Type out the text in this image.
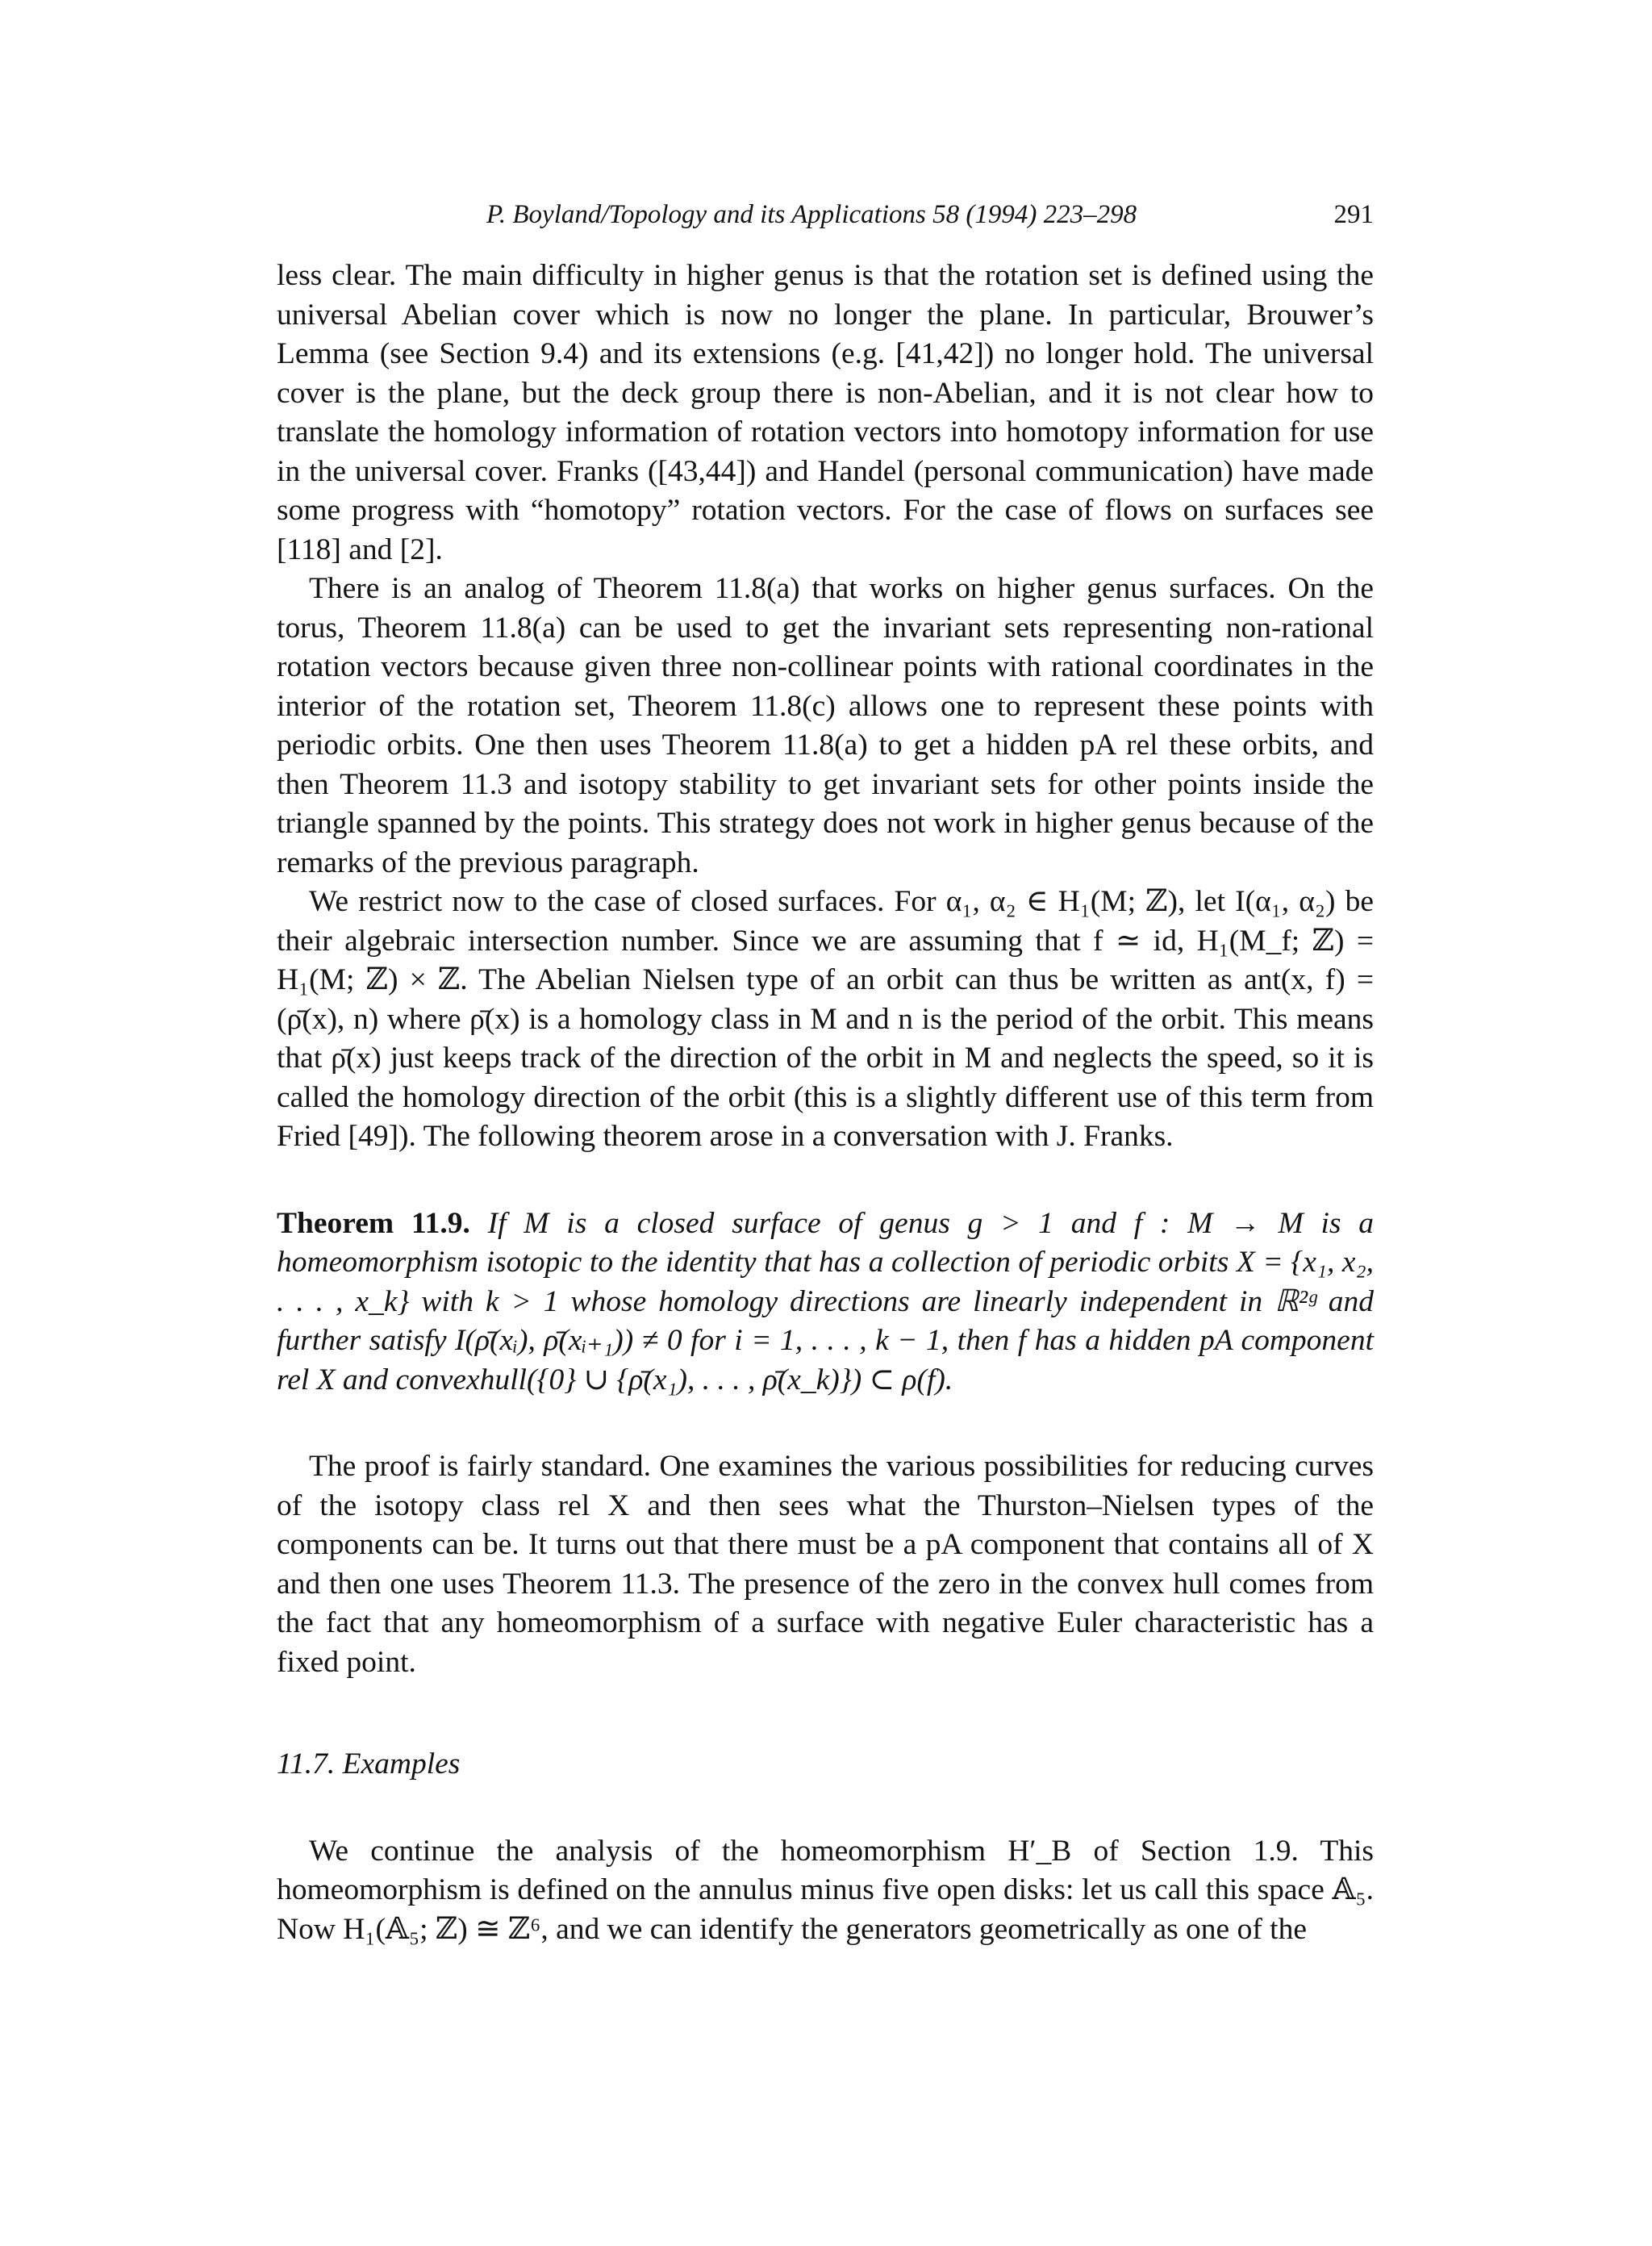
P. Boyland/Topology and its Applications 58 (1994) 223–298	291

less clear. The main difficulty in higher genus is that the rotation set is defined using the universal Abelian cover which is now no longer the plane. In particular, Brouwer’s Lemma (see Section 9.4) and its extensions (e.g. [41,42]) no longer hold. The universal cover is the plane, but the deck group there is non-Abelian, and it is not clear how to translate the homology information of rotation vectors into homotopy information for use in the universal cover. Franks ([43,44]) and Handel (personal communication) have made some progress with “homotopy” rotation vectors. For the case of flows on surfaces see [118] and [2].

There is an analog of Theorem 11.8(a) that works on higher genus surfaces. On the torus, Theorem 11.8(a) can be used to get the invariant sets representing non-rational rotation vectors because given three non-collinear points with rational coordinates in the interior of the rotation set, Theorem 11.8(c) allows one to represent these points with periodic orbits. One then uses Theorem 11.8(a) to get a hidden pA rel these orbits, and then Theorem 11.3 and isotopy stability to get invariant sets for other points inside the triangle spanned by the points. This strategy does not work in higher genus because of the remarks of the previous paragraph.

We restrict now to the case of closed surfaces. For α₁, α₂ ∈ H₁(M; ℤ), let I(α₁, α₂) be their algebraic intersection number. Since we are assuming that f ≃ id, H₁(M_f; ℤ) = H₁(M; ℤ) × ℤ. The Abelian Nielsen type of an orbit can thus be written as ant(x, f) = (ρ̄(x), n) where ρ̄(x) is a homology class in M and n is the period of the orbit. This means that ρ̄(x) just keeps track of the direction of the orbit in M and neglects the speed, so it is called the homology direction of the orbit (this is a slightly different use of this term from Fried [49]). The following theorem arose in a conversation with J. Franks.

Theorem 11.9. If M is a closed surface of genus g > 1 and f : M → M is a homeomorphism isotopic to the identity that has a collection of periodic orbits X = {x₁, x₂, . . . , x_k} with k > 1 whose homology directions are linearly independent in ℝ²ᵍ and further satisfy I(ρ̄(xᵢ), ρ̄(xᵢ₊₁)) ≠ 0 for i = 1, . . . , k − 1, then f has a hidden pA component rel X and convexhull({0} ∪ {ρ̄(x₁), . . . , ρ̄(x_k)}) ⊂ ρ(f).

The proof is fairly standard. One examines the various possibilities for reducing curves of the isotopy class rel X and then sees what the Thurston–Nielsen types of the components can be. It turns out that there must be a pA component that contains all of X and then one uses Theorem 11.3. The presence of the zero in the convex hull comes from the fact that any homeomorphism of a surface with negative Euler characteristic has a fixed point.

11.7. Examples

We continue the analysis of the homeomorphism H′_B of Section 1.9. This homeomorphism is defined on the annulus minus five open disks: let us call this space 𝔸₅. Now H₁(𝔸₅; ℤ) ≅ ℤ⁶, and we can identify the generators geometrically as one of the
